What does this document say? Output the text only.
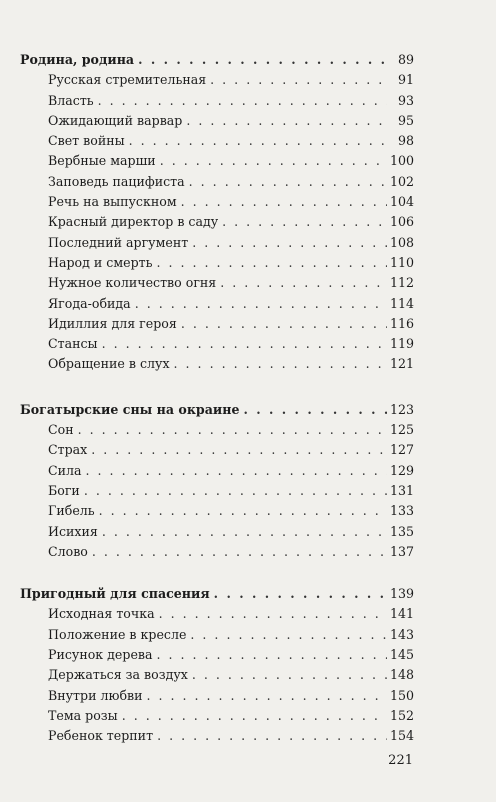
Родина, родина . . .	89
Русская стремительная . . .	91
Власть . . .	93
Ожидающий варвар . . .	95
Свет войны . . .	98
Вербные марши . . .	100
Заповедь пацифиста . . .	102
Речь на выпускном . . .	104
Красный директор в саду . . .	106
Последний аргумент . . .	108
Народ и смерть . . .	110
Нужное количество огня . . .	112
Ягода-обида . . .	114
Идиллия для героя . . .	116
Стансы . . .	119
Обращение в слух . . .	121
Богатырские сны на окраине . . .	123
Сон . . .	125
Страх . . .	127
Сила . . .	129
Боги . . .	131
Гибель . . .	133
Исихия . . .	135
Слово . . .	137
Пригодный для спасения . . .	139
Исходная точка . . .	141
Положение в кресле . . .	143
Рисунок дерева . . .	145
Держаться за воздух . . .	148
Внутри любви . . .	150
Тема розы . . .	152
Ребенок терпит . . .	154
221
